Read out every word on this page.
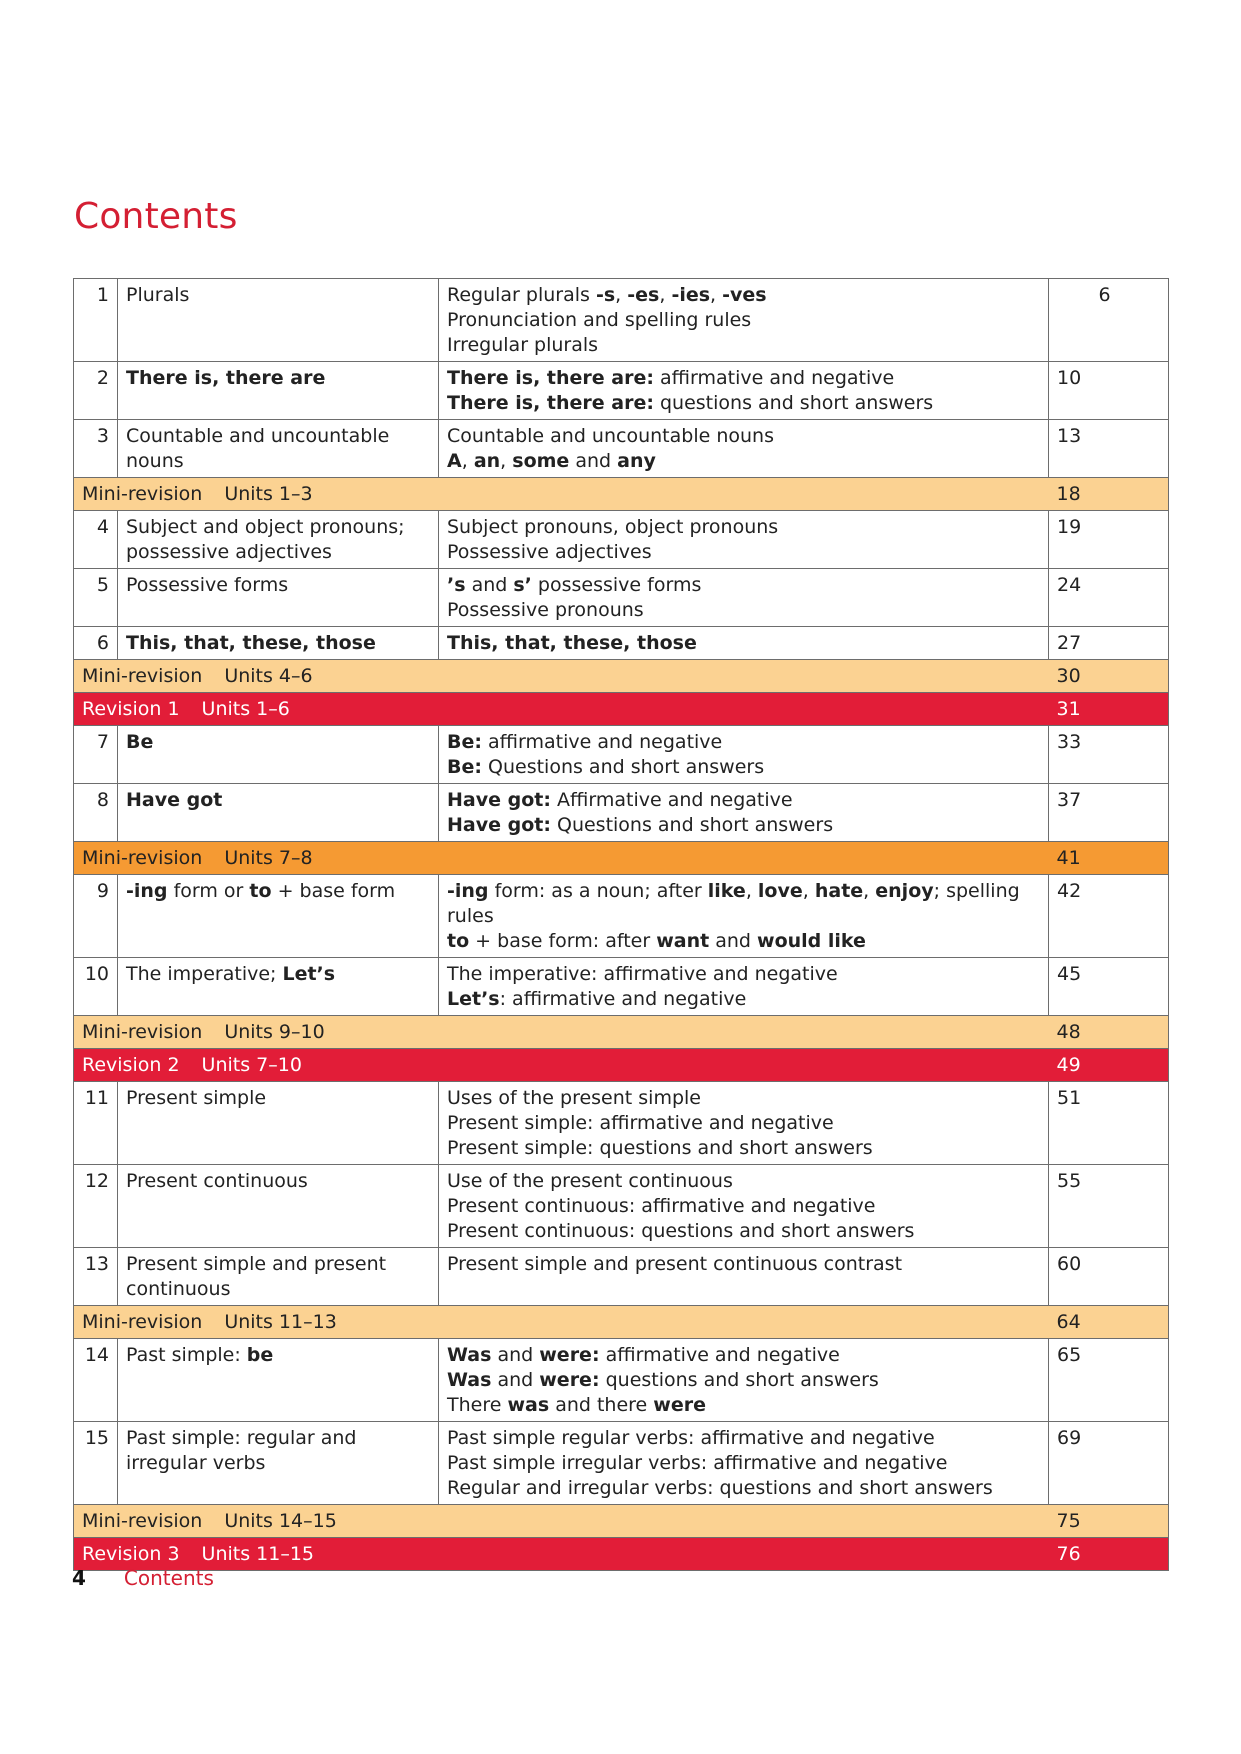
Contents
1	Plurals	Regular plurals -s, -es, -ies, -ves
Pronunciation and spelling rules
Irregular plurals	6
2	There is, there are	There is, there are: affirmative and negative
There is, there are: questions and short answers	10
3	Countable and uncountable nouns	Countable and uncountable nouns
A, an, some and any	13
Mini-revision Units 1–3			18
4	Subject and object pronouns; possessive adjectives	Subject pronouns, object pronouns
Possessive adjectives	19
5	Possessive forms	’s and s’ possessive forms
Possessive pronouns	24
6	This, that, these, those	This, that, these, those	27
Mini-revision Units 4–6			30
Revision 1 Units 1–6			31
7	Be	Be: affirmative and negative
Be: Questions and short answers	33
8	Have got	Have got: Affirmative and negative
Have got: Questions and short answers	37
Mini-revision Units 7–8			41
9	-ing form or to + base form	-ing form: as a noun; after like, love, hate, enjoy; spelling rules
to + base form: after want and would like	42
10	The imperative; Let’s	The imperative: affirmative and negative
Let’s: affirmative and negative	45
Mini-revision Units 9–10			48
Revision 2 Units 7–10			49
11	Present simple	Uses of the present simple
Present simple: affirmative and negative
Present simple: questions and short answers	51
12	Present continuous	Use of the present continuous
Present continuous: affirmative and negative
Present continuous: questions and short answers	55
13	Present simple and present continuous	Present simple and present continuous contrast	60
Mini-revision Units 11–13			64
14	Past simple: be	Was and were: affirmative and negative
Was and were: questions and short answers
There was and there were	65
15	Past simple: regular and irregular verbs	Past simple regular verbs: affirmative and negative
Past simple irregular verbs: affirmative and negative
Regular and irregular verbs: questions and short answers	69
Mini-revision Units 14–15			75
Revision 3 Units 11–15			76
4 Contents
